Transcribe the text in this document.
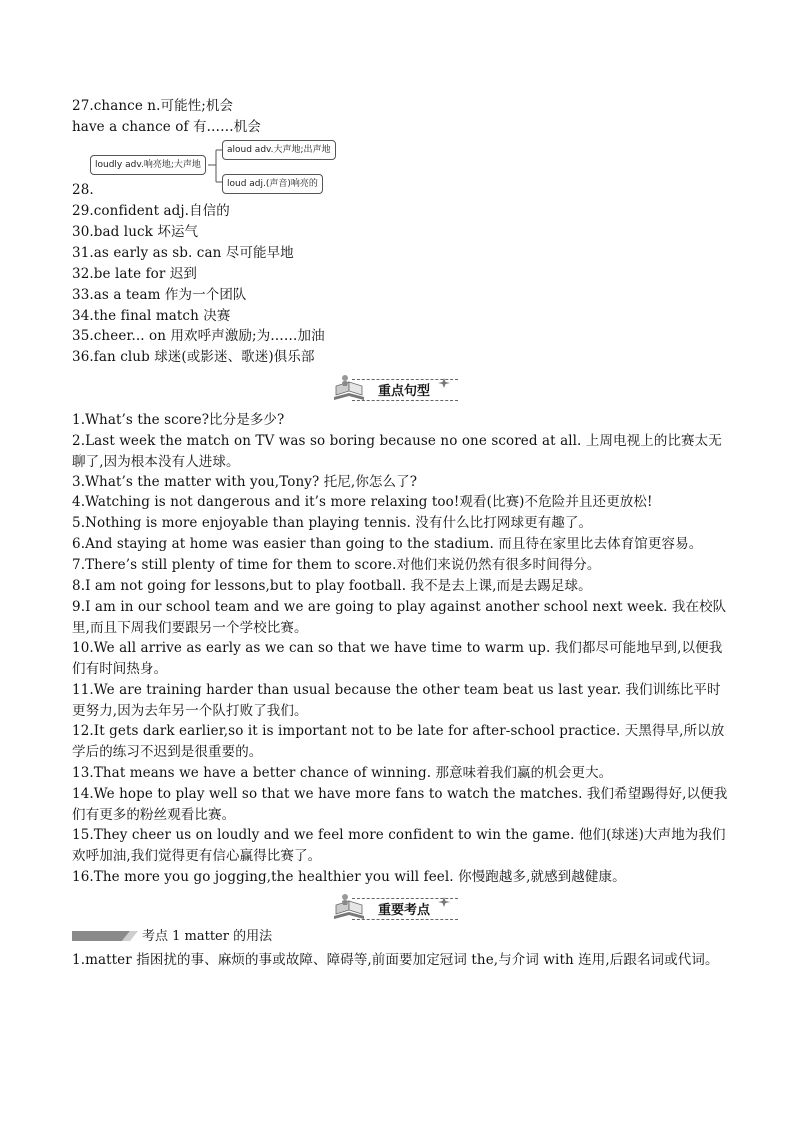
27.chance n.可能性;机会
have a chance of 有……机会
loudly adv.响亮地;大声地
aloud adv.大声地;出声地
loud adj.(声音)响亮的
28.
29.confident adj.自信的
30.bad luck 坏运气
31.as early as sb. can 尽可能早地
32.be late for 迟到
33.as a team 作为一个团队
34.the final match 决赛
35.cheer... on 用欢呼声激励;为……加油
36.fan club 球迷(或影迷、歌迷)俱乐部
重点句型
1.What’s the score?比分是多少?
2.Last week the match on TV was so boring because no one scored at all. 上周电视上的比赛太无聊了,因为根本没有人进球。
3.What’s the matter with you,Tony? 托尼,你怎么了?
4.Watching is not dangerous and it’s more relaxing too!观看(比赛)不危险并且还更放松!
5.Nothing is more enjoyable than playing tennis. 没有什么比打网球更有趣了。
6.And staying at home was easier than going to the stadium. 而且待在家里比去体育馆更容易。
7.There’s still plenty of time for them to score.对他们来说仍然有很多时间得分。
8.I am not going for lessons,but to play football. 我不是去上课,而是去踢足球。
9.I am in our school team and we are going to play against another school next week. 我在校队里,而且下周我们要跟另一个学校比赛。
10.We all arrive as early as we can so that we have time to warm up. 我们都尽可能地早到,以便我们有时间热身。
11.We are training harder than usual because the other team beat us last year. 我们训练比平时更努力,因为去年另一个队打败了我们。
12.It gets dark earlier,so it is important not to be late for after-school practice. 天黑得早,所以放学后的练习不迟到是很重要的。
13.That means we have a better chance of winning. 那意味着我们赢的机会更大。
14.We hope to play well so that we have more fans to watch the matches. 我们希望踢得好,以便我们有更多的粉丝观看比赛。
15.They cheer us on loudly and we feel more confident to win the game. 他们(球迷)大声地为我们欢呼加油,我们觉得更有信心赢得比赛了。
16.The more you go jogging,the healthier you will feel. 你慢跑越多,就感到越健康。
重要考点
考点 1 matter 的用法
1.matter 指困扰的事、麻烦的事或故障、障碍等,前面要加定冠词 the,与介词 with 连用,后跟名词或代词。
